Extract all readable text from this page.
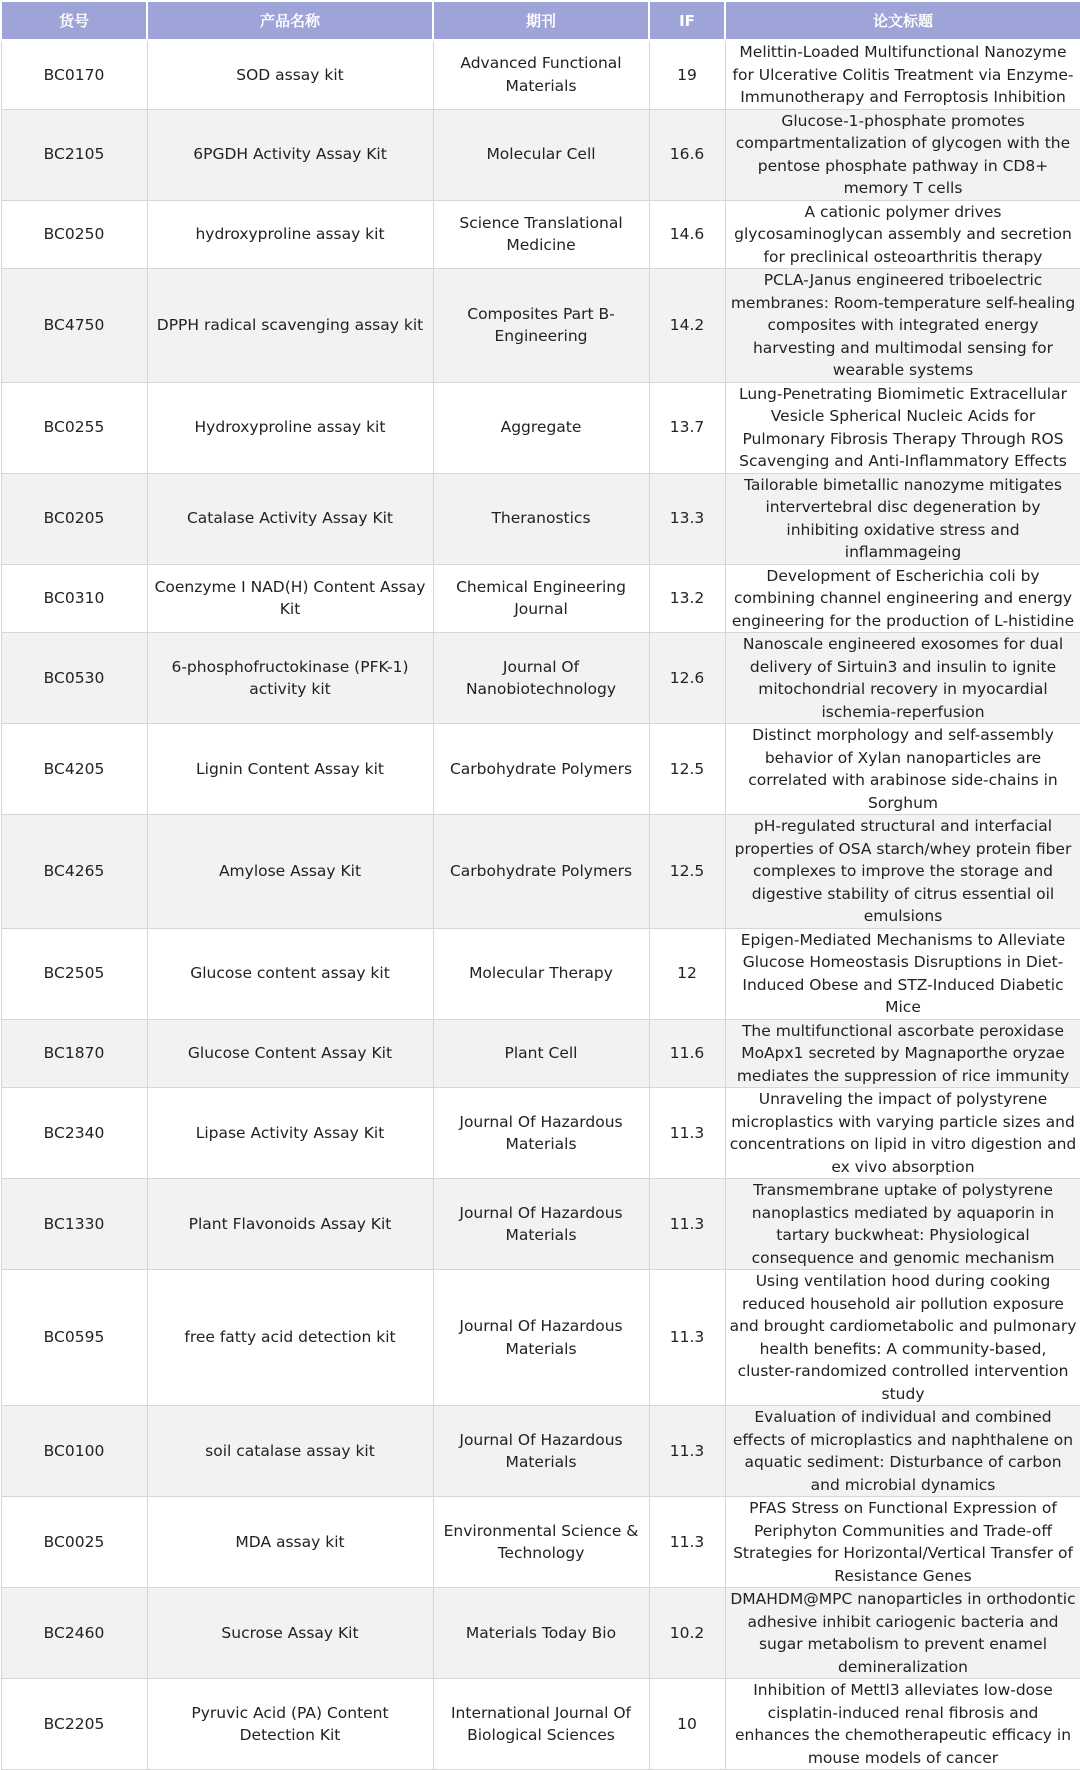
货号	产品名称	期刊	IF	论文标题
BC0170	SOD assay kit	Advanced Functional Materials	19	Melittin-Loaded Multifunctional Nanozyme for Ulcerative Colitis Treatment via Enzyme-Immunotherapy and Ferroptosis Inhibition
BC2105	6PGDH Activity Assay Kit	Molecular Cell	16.6	Glucose-1-phosphate promotes compartmentalization of glycogen with the pentose phosphate pathway in CD8+ memory T cells
BC0250	hydroxyproline assay kit	Science Translational Medicine	14.6	A cationic polymer drives glycosaminoglycan assembly and secretion for preclinical osteoarthritis therapy
BC4750	DPPH radical scavenging assay kit	Composites Part B-Engineering	14.2	PCLA-Janus engineered triboelectric membranes: Room-temperature self-healing composites with integrated energy harvesting and multimodal sensing for wearable systems
BC0255	Hydroxyproline assay kit	Aggregate	13.7	Lung-Penetrating Biomimetic Extracellular Vesicle Spherical Nucleic Acids for Pulmonary Fibrosis Therapy Through ROS Scavenging and Anti-Inflammatory Effects
BC0205	Catalase Activity Assay Kit	Theranostics	13.3	Tailorable bimetallic nanozyme mitigates intervertebral disc degeneration by inhibiting oxidative stress and inflammageing
BC0310	Coenzyme I NAD(H) Content Assay Kit	Chemical Engineering Journal	13.2	Development of Escherichia coli by combining channel engineering and energy engineering for the production of L-histidine
BC0530	6-phosphofructokinase (PFK-1) activity kit	Journal Of Nanobiotechnology	12.6	Nanoscale engineered exosomes for dual delivery of Sirtuin3 and insulin to ignite mitochondrial recovery in myocardial ischemia-reperfusion
BC4205	Lignin Content Assay kit	Carbohydrate Polymers	12.5	Distinct morphology and self-assembly behavior of Xylan nanoparticles are correlated with arabinose side-chains in Sorghum
BC4265	Amylose Assay Kit	Carbohydrate Polymers	12.5	pH-regulated structural and interfacial properties of OSA starch/whey protein fiber complexes to improve the storage and digestive stability of citrus essential oil emulsions
BC2505	Glucose content assay kit	Molecular Therapy	12	Epigen-Mediated Mechanisms to Alleviate Glucose Homeostasis Disruptions in Diet-Induced Obese and STZ-Induced Diabetic Mice
BC1870	Glucose Content Assay Kit	Plant Cell	11.6	The multifunctional ascorbate peroxidase MoApx1 secreted by Magnaporthe oryzae mediates the suppression of rice immunity
BC2340	Lipase Activity Assay Kit	Journal Of Hazardous Materials	11.3	Unraveling the impact of polystyrene microplastics with varying particle sizes and concentrations on lipid in vitro digestion and ex vivo absorption
BC1330	Plant Flavonoids Assay Kit	Journal Of Hazardous Materials	11.3	Transmembrane uptake of polystyrene nanoplastics mediated by aquaporin in tartary buckwheat: Physiological consequence and genomic mechanism
BC0595	free fatty acid detection kit	Journal Of Hazardous Materials	11.3	Using ventilation hood during cooking reduced household air pollution exposure and brought cardiometabolic and pulmonary health benefits: A community-based, cluster-randomized controlled intervention study
BC0100	soil catalase assay kit	Journal Of Hazardous Materials	11.3	Evaluation of individual and combined effects of microplastics and naphthalene on aquatic sediment: Disturbance of carbon and microbial dynamics
BC0025	MDA assay kit	Environmental Science & Technology	11.3	PFAS Stress on Functional Expression of Periphyton Communities and Trade-off Strategies for Horizontal/Vertical Transfer of Resistance Genes
BC2460	Sucrose Assay Kit	Materials Today Bio	10.2	DMAHDM@MPC nanoparticles in orthodontic adhesive inhibit cariogenic bacteria and sugar metabolism to prevent enamel demineralization
BC2205	Pyruvic Acid (PA) Content Detection Kit	International Journal Of Biological Sciences	10	Inhibition of Mettl3 alleviates low-dose cisplatin-induced renal fibrosis and enhances the chemotherapeutic efficacy in mouse models of cancer
